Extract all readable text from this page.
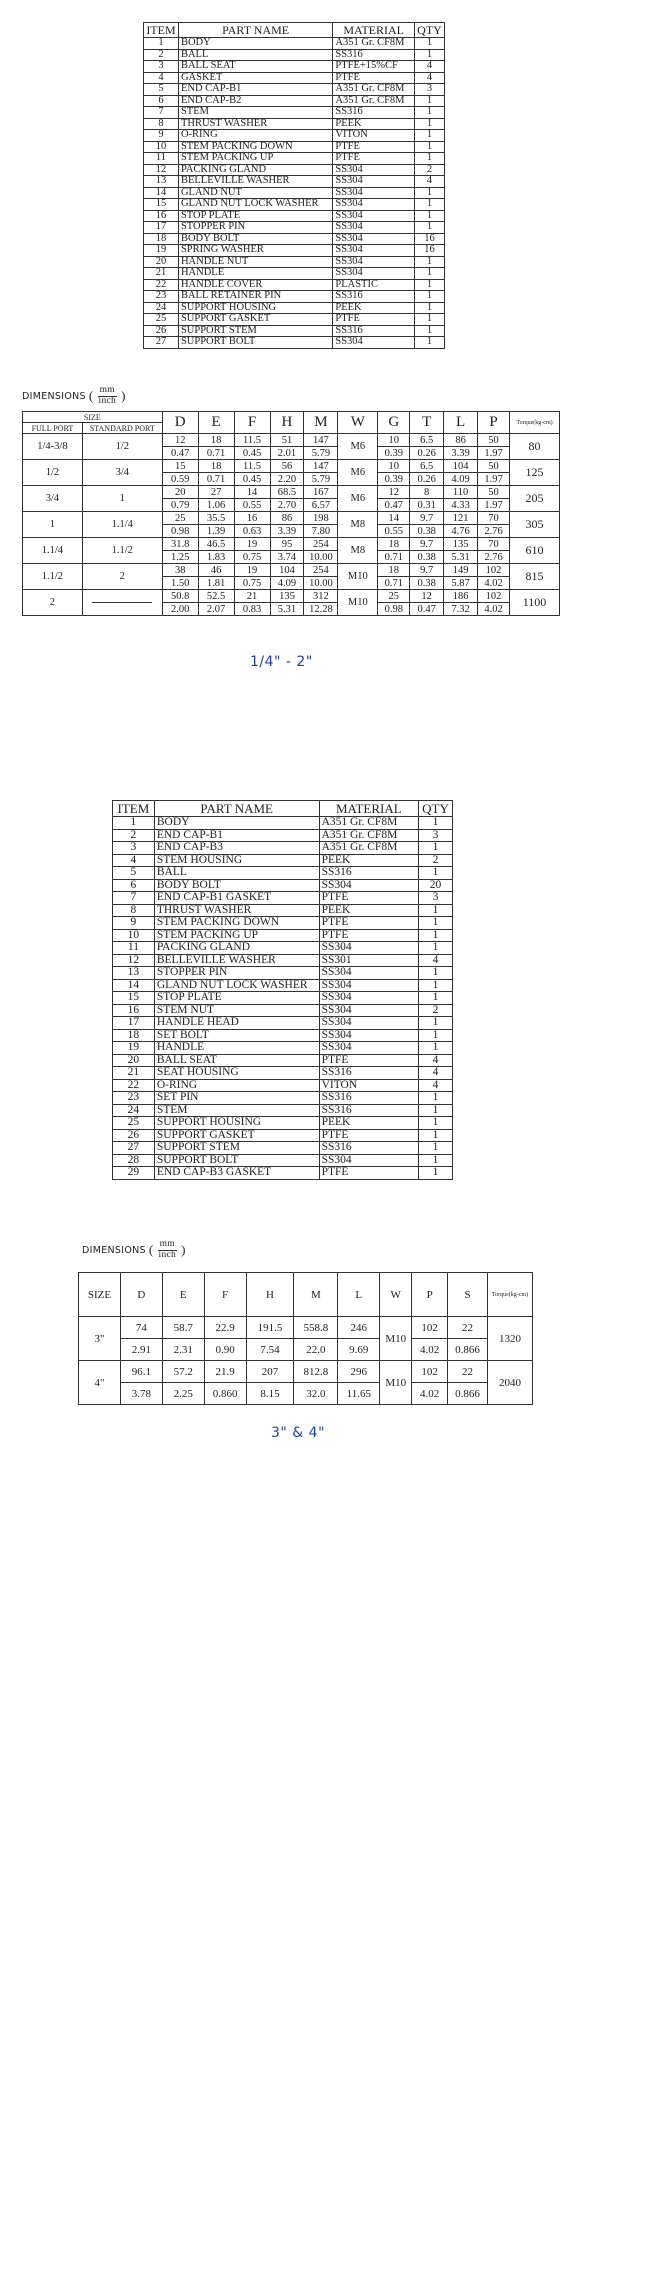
ITEM	PART NAME	MATERIAL	QTY
1	BODY	A351 Gr. CF8M	1
2	BALL	SS316	1
3	BALL SEAT	PTFE+15%CF	4
4	GASKET	PTFE	4
5	END CAP-B1	A351 Gr. CF8M	3
6	END CAP-B2	A351 Gr. CF8M	1
7	STEM	SS316	1
8	THRUST WASHER	PEEK	1
9	O-RING	VITON	1
10	STEM PACKING DOWN	PTFE	1
11	STEM PACKING UP	PTFE	1
12	PACKING GLAND	SS304	2
13	BELLEVILLE WASHER	SS304	4
14	GLAND NUT	SS304	1
15	GLAND NUT LOCK WASHER	SS304	1
16	STOP PLATE	SS304	1
17	STOPPER PIN	SS304	1
18	BODY BOLT	SS304	16
19	SPRING WASHER	SS304	16
20	HANDLE NUT	SS304	1
21	HANDLE	SS304	1
22	HANDLE COVER	PLASTIC	1
23	BALL RETAINER PIN	SS316	1
24	SUPPORT HOUSING	PEEK	1
25	SUPPORT GASKET	PTFE	1
26	SUPPORT STEM	SS316	1
27	SUPPORT BOLT	SS304	1
DIMENSIONS ( $\frac{mm}{\text{inch}}$ )
SIZE		D	E	F	H	M	W	G	T	L	P	Torque(kg-cm)
FULL PORT	STANDARD PORT											
1/4-3/8	1/2	12	18	11.5	51	147	M6	10	6.5	86	50	80
		0.47	0.71	0.45	2.01	5.79		0.39	0.26	3.39	1.97	
1/2	3/4	15	18	11.5	56	147	M6	10	6.5	104	50	125
		0.59	0.71	0.45	2.20	5.79		0.39	0.26	4.09	1.97	
3/4	1	20	27	14	68.5	167	M6	12	8	110	50	205
		0.79	1.06	0.55	2.70	6.57		0.47	0.31	4.33	1.97	
1	1.1/4	25	35.5	16	86	198	M8	14	9.7	121	70	305
		0.98	1.39	0.63	3.39	7.80		0.55	0.38	4.76	2.76	
1.1/4	1.1/2	31.8	46.5	19	95	254	M8	18	9.7	135	70	610
		1.25	1.83	0.75	3.74	10.00		0.71	0.38	5.31	2.76	
1.1/2	2	38	46	19	104	254	M10	18	9.7	149	102	815
		1.50	1.81	0.75	4.09	10.00		0.71	0.38	5.87	4.02	
2		50.8	52.5	21	135	312	M10	25	12	186	102	1100
		2.00	2.07	0.83	5.31	12.28		0.98	0.47	7.32	4.02	
1/4" - 2"
ITEM	PART NAME	MATERIAL	QTY
1	BODY	A351 Gr. CF8M	1
2	END CAP-B1	A351 Gr. CF8M	3
3	END CAP-B3	A351 Gr. CF8M	1
4	STEM HOUSING	PEEK	2
5	BALL	SS316	1
6	BODY BOLT	SS304	20
7	END CAP-B1 GASKET	PTFE	3
8	THRUST WASHER	PEEK	1
9	STEM PACKING DOWN	PTFE	1
10	STEM PACKING UP	PTFE	1
11	PACKING GLAND	SS304	1
12	BELLEVILLE WASHER	SS301	4
13	STOPPER PIN	SS304	1
14	GLAND NUT LOCK WASHER	SS304	1
15	STOP PLATE	SS304	1
16	STEM NUT	SS304	2
17	HANDLE HEAD	SS304	1
18	SET BOLT	SS304	1
19	HANDLE	SS304	1
20	BALL SEAT	PTFE	4
21	SEAT HOUSING	SS316	4
22	O-RING	VITON	4
23	SET PIN	SS316	1
24	STEM	SS316	1
25	SUPPORT HOUSING	PEEK	1
26	SUPPORT GASKET	PTFE	1
27	SUPPORT STEM	SS316	1
28	SUPPORT BOLT	SS304	1
29	END CAP-B3 GASKET	PTFE	1
DIMENSIONS ( $\frac{mm}{\text{inch}}$ )
SIZE	D	E	F	H	M	L	W	P	S	Torque(kg-cm)
3"	74	58.7	22.9	191.5	558.8	246	M10	102	22	1320
	2.91	2.31	0.90	7.54	22.0	9.69		4.02	0.866	
4"	96.1	57.2	21.9	207	812.8	296	M10	102	22	2040
	3.78	2.25	0.860	8.15	32.0	11.65		4.02	0.866	
3" & 4"
